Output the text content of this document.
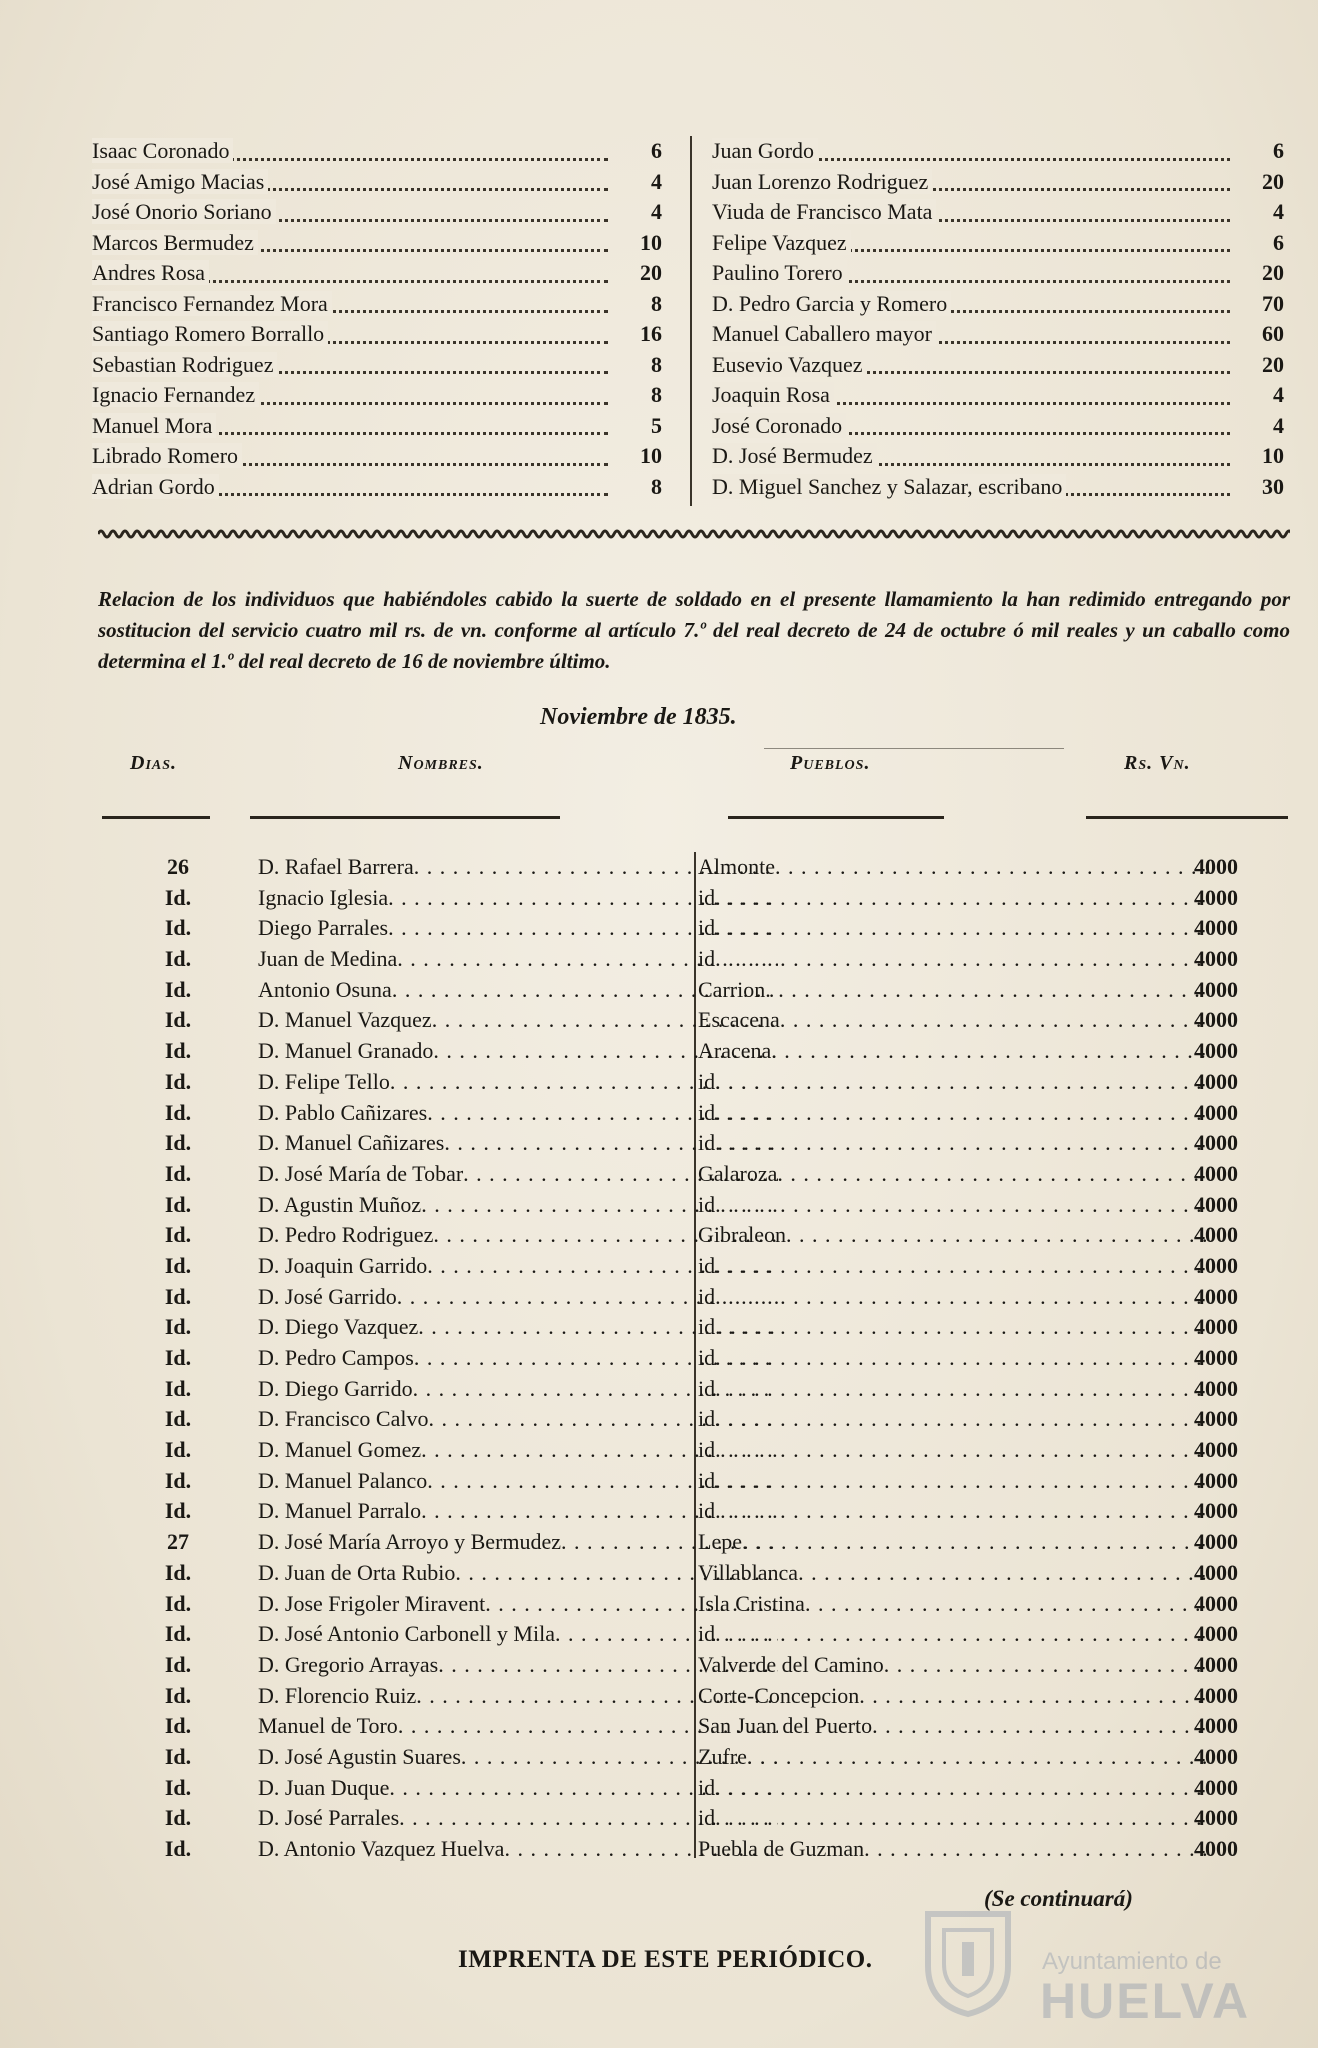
Isaac Coronado	6
José Amigo Macias	4
José Onorio Soriano	4
Marcos Bermudez	10
Andres Rosa	20
Francisco Fernandez Mora	8
Santiago Romero Borrallo	16
Sebastian Rodriguez	8
Ignacio Fernandez	8
Manuel Mora	5
Librado Romero	10
Adrian Gordo	8
Juan Gordo	6
Juan Lorenzo Rodriguez	20
Viuda de Francisco Mata	4
Felipe Vazquez	6
Paulino Torero	20
D. Pedro Garcia y Romero	70
Manuel Caballero mayor	60
Eusevio Vazquez	20
Joaquin Rosa	4
José Coronado	4
D. José Bermudez	10
D. Miguel Sanchez y Salazar, escribano	30
Relacion de los individuos que habiéndoles cabido la suerte de soldado en el presente llamamiento la han redimido entregando por sostitucion del servicio cuatro mil rs. de vn. conforme al artículo 7.º del real decreto de 24 de octubre ó mil reales y un caballo como determina el 1.º del real decreto de 16 de noviembre último.
Noviembre de 1835.
Dias.	Nombres.	Pueblos.	Rs. Vn.
26	D. Rafael Barrera . . .	Almonte . . .	4000
Id.	Ignacio Iglesia . . .	id . . .	4000
Id.	Diego Parrales . . .	id . . .	4000
Id.	Juan de Medina . . .	id . . .	4000
Id.	Antonio Osuna . . .	Carrion . . .	4000
Id.	D. Manuel Vazquez . . .	Escacena . . .	4000
Id.	D. Manuel Granado . . .	Aracena . . .	4000
Id.	D. Felipe Tello . . .	id . . .	4000
Id.	D. Pablo Cañizares . . .	id . . .	4000
Id.	D. Manuel Cañizares . . .	id . . .	4000
Id.	D. José María de Tobar . . .	Galaroza . . .	4000
Id.	D. Agustin Muñoz . . .	id . . .	4000
Id.	D. Pedro Rodriguez . . .	Gibraleon . . .	4000
Id.	D. Joaquin Garrido . . .	id . . .	4000
Id.	D. José Garrido . . .	id . . .	4000
Id.	D. Diego Vazquez . . .	id . . .	4000
Id.	D. Pedro Campos . . .	id . . .	4000
Id.	D. Diego Garrido . . .	id . . .	4000
Id.	D. Francisco Calvo . . .	id . . .	4000
Id.	D. Manuel Gomez . . .	id . . .	4000
Id.	D. Manuel Palanco . . .	id . . .	4000
Id.	D. Manuel Parralo . . .	id . . .	4000
27	D. José María Arroyo y Bermudez . . .	Lepe . . .	4000
Id.	D. Juan de Orta Rubio . . .	Villablanca . . .	4000
Id.	D. Jose Frigoler Miravent . . .	Isla Cristina . . .	4000
Id.	D. José Antonio Carbonell y Mila . . .	id . . .	4000
Id.	D. Gregorio Arrayas . . .	Valverde del Camino . . .	4000
Id.	D. Florencio Ruiz . . .	Corte-Concepcion . . .	4000
Id.	Manuel de Toro . . .	San Juan del Puerto . . .	4000
Id.	D. José Agustin Suares . . .	Zufre . . .	4000
Id.	D. Juan Duque . . .	id . . .	4000
Id.	D. José Parrales . . .	id . . .	4000
Id.	D. Antonio Vazquez Huelva . . .	Puebla de Guzman . . .	4000
(Se continuará)
IMPRENTA DE ESTE PERIÓDICO.	Ayuntamiento de
HUELVA
